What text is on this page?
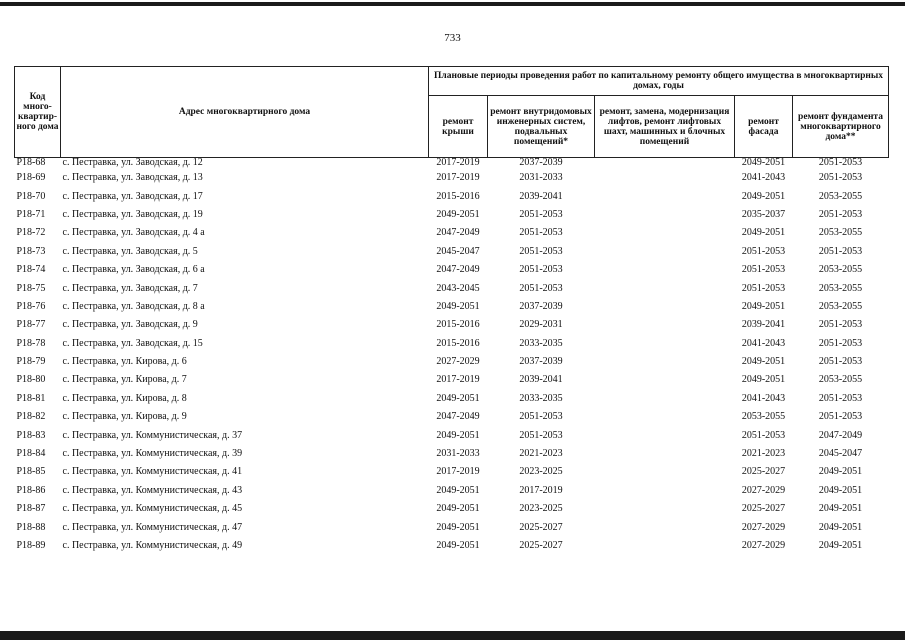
733
Код много-квартир-ного дома	Адрес многоквартирного дома	Плановые периоды проведения работ по капитальному ремонту общего имущества в многоквартирных домах, годы				
		ремонт крыши	ремонт внутридомовых инженерных систем, подвальных помещений*	ремонт, замена, модернизация лифтов, ремонт лифтовых шахт, машинных и блочных помещений	ремонт фасада	ремонт фундамента многоквартирного дома**
Р18-68	с. Пестравка, ул. Заводская, д. 12	2017-2019	2037-2039		2049-2051	2051-2053
Р18-69	с. Пестравка, ул. Заводская, д. 13	2017-2019	2031-2033		2041-2043	2051-2053
Р18-70	с. Пестравка, ул. Заводская, д. 17	2015-2016	2039-2041		2049-2051	2053-2055
Р18-71	с. Пестравка, ул. Заводская, д. 19	2049-2051	2051-2053		2035-2037	2051-2053
Р18-72	с. Пестравка, ул. Заводская, д. 4 а	2047-2049	2051-2053		2049-2051	2053-2055
Р18-73	с. Пестравка, ул. Заводская, д. 5	2045-2047	2051-2053		2051-2053	2051-2053
Р18-74	с. Пестравка, ул. Заводская, д. 6 а	2047-2049	2051-2053		2051-2053	2053-2055
Р18-75	с. Пестравка, ул. Заводская, д. 7	2043-2045	2051-2053		2051-2053	2053-2055
Р18-76	с. Пестравка, ул. Заводская, д. 8 а	2049-2051	2037-2039		2049-2051	2053-2055
Р18-77	с. Пестравка, ул. Заводская, д. 9	2015-2016	2029-2031		2039-2041	2051-2053
Р18-78	с. Пестравка, ул. Заводская, д. 15	2015-2016	2033-2035		2041-2043	2051-2053
Р18-79	с. Пестравка, ул. Кирова, д. 6	2027-2029	2037-2039		2049-2051	2051-2053
Р18-80	с. Пестравка, ул. Кирова, д. 7	2017-2019	2039-2041		2049-2051	2053-2055
Р18-81	с. Пестравка, ул. Кирова, д. 8	2049-2051	2033-2035		2041-2043	2051-2053
Р18-82	с. Пестравка, ул. Кирова, д. 9	2047-2049	2051-2053		2053-2055	2051-2053
Р18-83	с. Пестравка, ул. Коммунистическая, д. 37	2049-2051	2051-2053		2051-2053	2047-2049
Р18-84	с. Пестравка, ул. Коммунистическая, д. 39	2031-2033	2021-2023		2021-2023	2045-2047
Р18-85	с. Пестравка, ул. Коммунистическая, д. 41	2017-2019	2023-2025		2025-2027	2049-2051
Р18-86	с. Пестравка, ул. Коммунистическая, д. 43	2049-2051	2017-2019		2027-2029	2049-2051
Р18-87	с. Пестравка, ул. Коммунистическая, д. 45	2049-2051	2023-2025		2025-2027	2049-2051
Р18-88	с. Пестравка, ул. Коммунистическая, д. 47	2049-2051	2025-2027		2027-2029	2049-2051
Р18-89	с. Пестравка, ул. Коммунистическая, д. 49	2049-2051	2025-2027		2027-2029	2049-2051
